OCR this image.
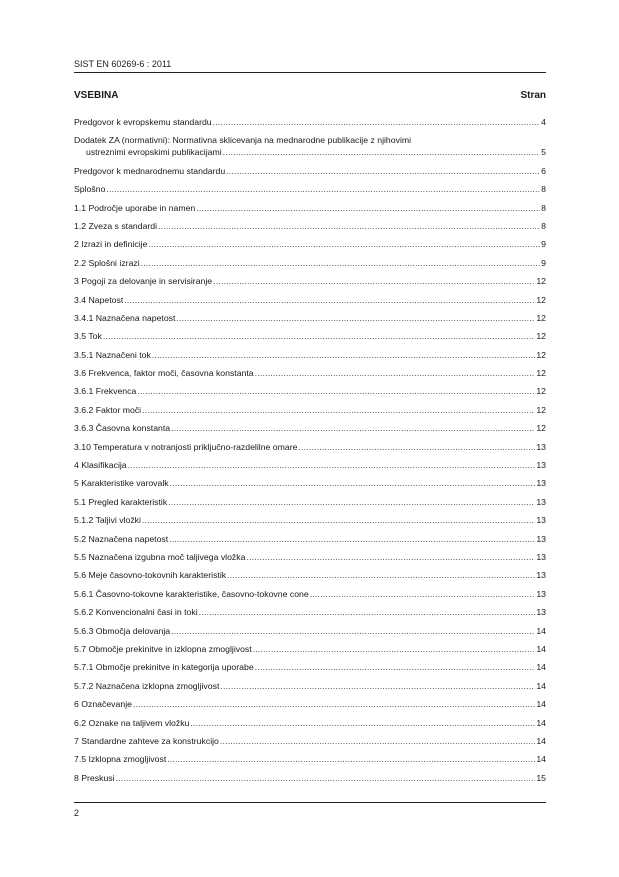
SIST EN 60269-6 : 2011
VSEBINA	Stran
Predgovor k evropskemu standardu .....	4
Dodatek ZA (normativni): Normativna sklicevanja na mednarodne publikacije z njihovimi
ustreznimi evropskimi publikacijami .....	5
Predgovor k mednarodnemu standardu .....	6
Splošno .....	8
1.1 Področje uporabe in namen .....	8
1.2 Zveza s standardi .....	8
2 Izrazi in definicije .....	9
2.2 Splošni izrazi .....	9
3 Pogoji za delovanje in servisiranje .....	12
3.4 Napetost .....	12
3.4.1 Naznačena napetost .....	12
3.5 Tok .....	12
3.5.1 Naznačeni tok .....	12
3.6 Frekvenca, faktor moči, časovna konstanta .....	12
3.6.1 Frekvenca .....	12
3.6.2 Faktor moči .....	12
3.6.3 Časovna konstanta .....	12
3.10 Temperatura v notranjosti priključno-razdelilne omare .....	13
4 Klasifikacija .....	13
5 Karakteristike varovalk .....	13
5.1 Pregled karakteristik .....	13
5.1.2 Taljivi vložki .....	13
5.2 Naznačena napetost .....	13
5.5 Naznačena izgubna moč taljivega vložka .....	13
5.6 Meje časovno-tokovnih karakteristik .....	13
5.6.1 Časovno-tokovne karakteristike, časovno-tokovne cone .....	13
5.6.2 Konvencionalni časi in toki .....	13
5.6.3 Območja delovanja .....	14
5.7 Območje prekinitve in izklopna zmogljivost .....	14
5.7.1 Območje prekinitve in kategorija uporabe .....	14
5.7.2 Naznačena izklopna zmogljivost .....	14
6 Označevanje .....	14
6.2 Oznake na taljivem vložku .....	14
7 Standardne zahteve za konstrukcijo .....	14
7.5 Izklopna zmogljivost .....	14
8 Preskusi .....	15
2
